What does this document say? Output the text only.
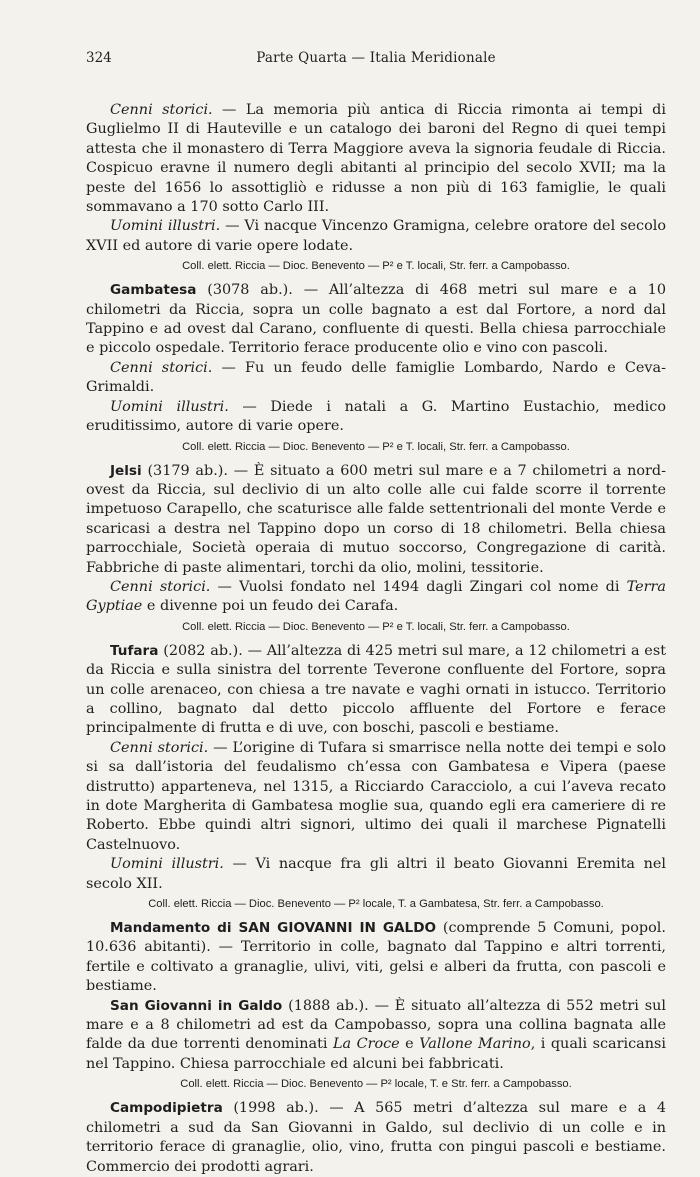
324	Parte Quarta — Italia Meridionale

Cenni storici. — La memoria più antica di Riccia rimonta ai tempi di Guglielmo II di Hauteville e un catalogo dei baroni del Regno di quei tempi attesta che il monastero di Terra Maggiore aveva la signoria feudale di Riccia. Cospicuo eravne il numero degli abitanti al principio del secolo XVII; ma la peste del 1656 lo assottigliò e ridusse a non più di 163 famiglie, le quali sommavano a 170 sotto Carlo III.

Uomini illustri. — Vi nacque Vincenzo Gramigna, celebre oratore del secolo XVII ed autore di varie opere lodate.

Coll. elett. Riccia — Dioc. Benevento — P² e T. locali, Str. ferr. a Campobasso.

Gambatesa (3078 ab.). — All’altezza di 468 metri sul mare e a 10 chilometri da Riccia, sopra un colle bagnato a est dal Fortore, a nord dal Tappino e ad ovest dal Carano, confluente di questi. Bella chiesa parrocchiale e piccolo ospedale. Territorio ferace producente olio e vino con pascoli.

Cenni storici. — Fu un feudo delle famiglie Lombardo, Nardo e Ceva-Grimaldi.

Uomini illustri. — Diede i natali a G. Martino Eustachio, medico eruditissimo, autore di varie opere.

Coll. elett. Riccia — Dioc. Benevento — P² e T. locali, Str. ferr. a Campobasso.

Jelsi (3179 ab.). — È situato a 600 metri sul mare e a 7 chilometri a nord-ovest da Riccia, sul declivio di un alto colle alle cui falde scorre il torrente impetuoso Carapello, che scaturisce alle falde settentrionali del monte Verde e scaricasi a destra nel Tappino dopo un corso di 18 chilometri. Bella chiesa parrocchiale, Società operaia di mutuo soccorso, Congregazione di carità. Fabbriche di paste alimentari, torchi da olio, molini, tessitorie.

Cenni storici. — Vuolsi fondato nel 1494 dagli Zingari col nome di Terra Gyptiae e divenne poi un feudo dei Carafa.

Coll. elett. Riccia — Dioc. Benevento — P² e T. locali, Str. ferr. a Campobasso.

Tufara (2082 ab.). — All’altezza di 425 metri sul mare, a 12 chilometri a est da Riccia e sulla sinistra del torrente Teverone confluente del Fortore, sopra un colle arenaceo, con chiesa a tre navate e vaghi ornati in istucco. Territorio a collino, bagnato dal detto piccolo affluente del Fortore e ferace principalmente di frutta e di uve, con boschi, pascoli e bestiame.

Cenni storici. — L’origine di Tufara si smarrisce nella notte dei tempi e solo si sa dall’istoria del feudalismo ch’essa con Gambatesa e Vipera (paese distrutto) apparteneva, nel 1315, a Ricciardo Caracciolo, a cui l’aveva recato in dote Margherita di Gambatesa moglie sua, quando egli era cameriere di re Roberto. Ebbe quindi altri signori, ultimo dei quali il marchese Pignatelli Castelnuovo.

Uomini illustri. — Vi nacque fra gli altri il beato Giovanni Eremita nel secolo XII.

Coll. elett. Riccia — Dioc. Benevento — P² locale, T. a Gambatesa, Str. ferr. a Campobasso.

Mandamento di SAN GIOVANNI IN GALDO (comprende 5 Comuni, popol. 10.636 abitanti). — Territorio in colle, bagnato dal Tappino e altri torrenti, fertile e coltivato a granaglie, ulivi, viti, gelsi e alberi da frutta, con pascoli e bestiame.

San Giovanni in Galdo (1888 ab.). — È situato all’altezza di 552 metri sul mare e a 8 chilometri ad est da Campobasso, sopra una collina bagnata alle falde da due torrenti denominati La Croce e Vallone Marino, i quali scaricansi nel Tappino. Chiesa parrocchiale ed alcuni bei fabbricati.

Coll. elett. Riccia — Dioc. Benevento — P² locale, T. e Str. ferr. a Campobasso.

Campodipietra (1998 ab.). — A 565 metri d’altezza sul mare e a 4 chilometri a sud da San Giovanni in Galdo, sul declivio di un colle e in territorio ferace di granaglie, olio, vino, frutta con pingui pascoli e bestiame. Commercio dei prodotti agrari.
